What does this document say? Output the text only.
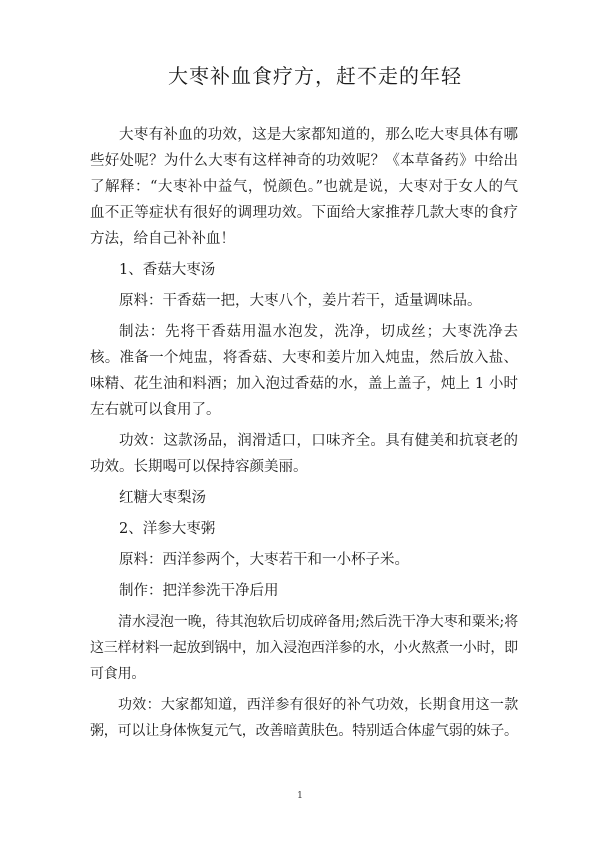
大枣补血食疗方，赶不走的年轻

大枣有补血的功效，这是大家都知道的，那么吃大枣具体有哪些好处呢？为什么大枣有这样神奇的功效呢？《本草备药》中给出了解释：“大枣补中益气，悦颜色。”也就是说，大枣对于女人的气血不正等症状有很好的调理功效。下面给大家推荐几款大枣的食疗方法，给自己补补血！

1、香菇大枣汤

原料：干香菇一把，大枣八个，姜片若干，适量调味品。

制法：先将干香菇用温水泡发，洗净，切成丝；大枣洗净去核。准备一个炖盅，将香菇、大枣和姜片加入炖盅，然后放入盐、味精、花生油和料酒；加入泡过香菇的水，盖上盖子，炖上 1 小时左右就可以食用了。

功效：这款汤品，润滑适口，口味齐全。具有健美和抗衰老的功效。长期喝可以保持容颜美丽。

红糖大枣梨汤

2、洋参大枣粥

原料：西洋参两个，大枣若干和一小杯子米。

制作：把洋参洗干净后用

清水浸泡一晚，待其泡软后切成碎备用;然后洗干净大枣和粟米;将这三样材料一起放到锅中，加入浸泡西洋参的水，小火熬煮一小时，即可食用。

功效：大家都知道，西洋参有很好的补气功效，长期食用这一款粥，可以让身体恢复元气，改善暗黄肤色。特别适合体虚气弱的妹子。

1
